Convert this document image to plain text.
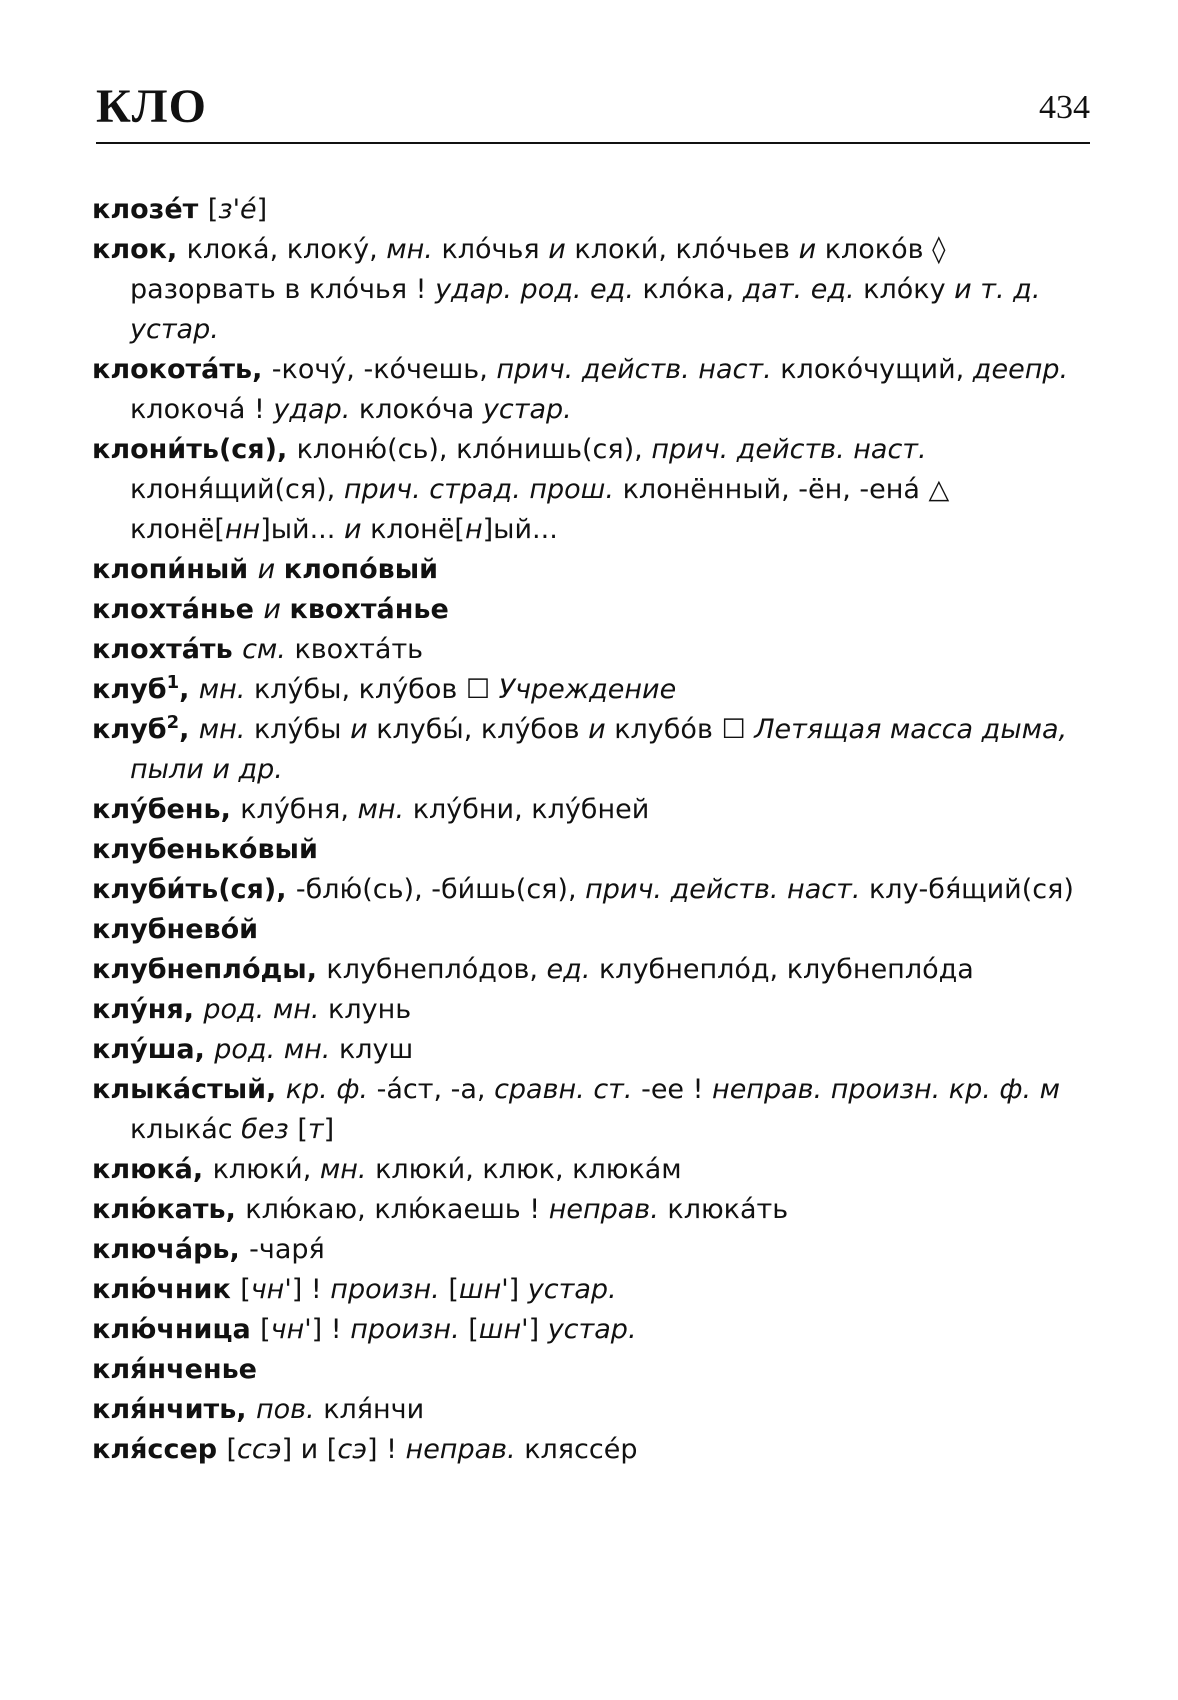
КЛО	434
клозе́т [з'е́]
клок, клока́, клоку́, мн. кло́чья и клоки́, кло́чьев и клоко́в ◊ разорвать в кло́чья ! удар. род. ед. кло́ка, дат. ед. кло́ку и т. д. устар.
клокота́ть, -кочу́, -ко́чешь, прич. действ. наст. клоко́чущий, деепр. клокоча́ ! удар. клоко́ча устар.
клони́ть(ся), клоню́(сь), кло́нишь(ся), прич. действ. наст. клоня́щий(ся), прич. страд. прош. клонённый, -ён, -ена́ △ клонё[нн]ый... и клонё[н]ый...
клопи́ный и клопо́вый
клохта́нье и квохта́нье
клохта́ть см. квохта́ть
клуб$^1$, мн. клу́бы, клу́бов ☐ Учреждение
клуб$^2$, мн. клу́бы и клубы́, клу́бов и клубо́в ☐ Летящая масса дыма, пыли и др.
клу́бень, клу́бня, мн. клу́бни, клу́бней
клубенько́вый
клуби́ть(ся), -блю́(сь), -би́шь(ся), прич. действ. наст. клу-бя́щий(ся)
клубнево́й
клубнепло́ды, клубнепло́дов, ед. клубнепло́д, клубнепло́да
клу́ня, род. мн. клунь
клу́ша, род. мн. клуш
клыка́стый, кр. ф. -а́ст, -а, сравн. ст. -ее ! неправ. произн. кр. ф. м клыка́с без [т]
клюка́, клюки́, мн. клюки́, клюк, клюка́м
клю́кать, клю́каю, клю́каешь ! неправ. клюка́ть
ключа́рь, -чаря́
клю́чник [чн'] ! произн. [шн'] устар.
клю́чница [чн'] ! произн. [шн'] устар.
кля́нченье
кля́нчить, пов. кля́нчи
кля́ссер [ссэ] и [сэ] ! неправ. кляссе́р
